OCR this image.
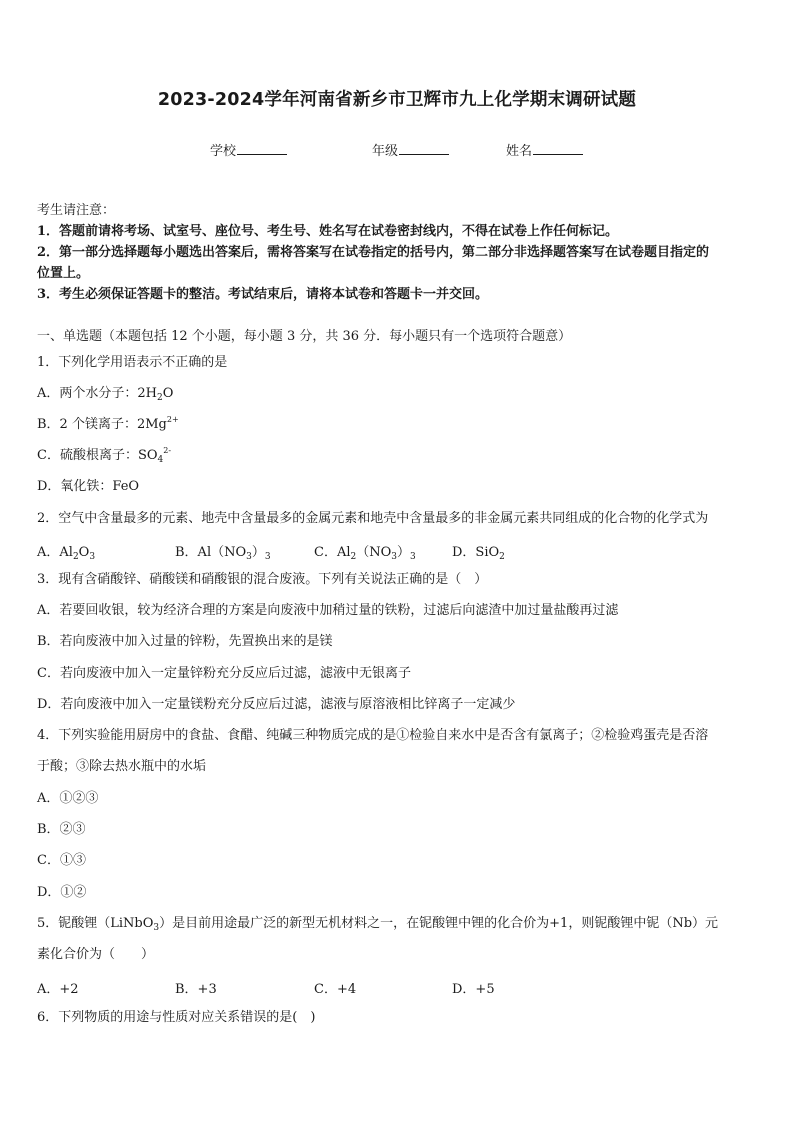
2023-2024学年河南省新乡市卫辉市九上化学期末调研试题
学校	年级	姓名
考生请注意：
1．答题前请将考场、试室号、座位号、考生号、姓名写在试卷密封线内，不得在试卷上作任何标记。
2．第一部分选择题每小题选出答案后，需将答案写在试卷指定的括号内，第二部分非选择题答案写在试卷题目指定的
位置上。
3．考生必须保证答题卡的整洁。考试结束后，请将本试卷和答题卡一并交回。
一、单选题（本题包括 12 个小题，每小题 3 分，共 36 分．每小题只有一个选项符合题意）
1．下列化学用语表示不正确的是
A．两个水分子：$2H_2O$
B．2 个镁离子：$2Mg^{2+}$
C．硫酸根离子：$SO_4^{2-}$
D．氧化铁：FeO
2．空气中含量最多的元素、地壳中含量最多的金属元素和地壳中含量最多的非金属元素共同组成的化合物的化学式为
A．$Al_2O_3$	B．$Al(NO_3)_3$	C．$Al_2(NO_3)_3$	D．SiO$_2$
3．现有含硝酸锌、硝酸镁和硝酸银的混合废液。下列有关说法正确的是（　）
A．若要回收银，较为经济合理的方案是向废液中加稍过量的铁粉，过滤后向滤渣中加过量盐酸再过滤
B．若向废液中加入过量的锌粉，先置换出来的是镁
C．若向废液中加入一定量锌粉充分反应后过滤，滤液中无银离子
D．若向废液中加入一定量镁粉充分反应后过滤，滤液与原溶液相比锌离子一定减少
4．下列实验能用厨房中的食盐、食醋、纯碱三种物质完成的是①检验自来水中是否含有氯离子；②检验鸡蛋壳是否溶
于酸；③除去热水瓶中的水垢
A．①②③
B．②③
C．①③
D．①②
5．铌酸锂（LiNbO$_3$）是目前用途最广泛的新型无机材料之一，在铌酸锂中锂的化合价为+1，则铌酸锂中铌（Nb）元
素化合价为（　　）
A．+2	B．+3	C．+4	D．+5
6．下列物质的用途与性质对应关系错误的是(　)
